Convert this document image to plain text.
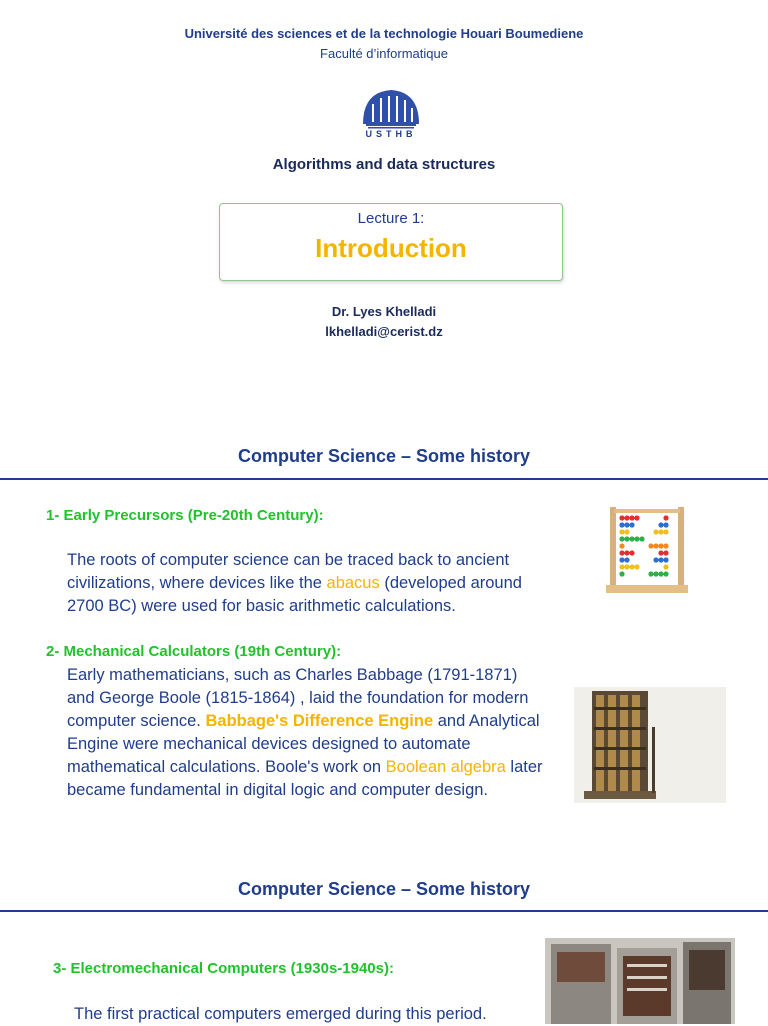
Université des sciences et de la technologie Houari Boumediene
Faculté d’informatique
USTHB
Algorithms and data structures
Lecture 1:
Introduction
Dr. Lyes Khelladi
lkhelladi@cerist.dz
Computer Science – Some history
1- Early Precursors (Pre-20th Century):
The roots of computer science can be traced back to ancient civilizations, where devices like the abacus (developed around 2700 BC) were used for basic arithmetic calculations.
2- Mechanical Calculators (19th Century):
Early mathematicians, such as Charles Babbage (1791-1871) and George Boole (1815-1864) , laid the foundation for modern computer science. Babbage's Difference Engine and Analytical Engine were mechanical devices designed to automate mathematical calculations. Boole's work on Boolean algebra later became fundamental in digital logic and computer design.
Computer Science – Some history
3- Electromechanical Computers (1930s-1940s):
The first practical computers emerged during this period.
